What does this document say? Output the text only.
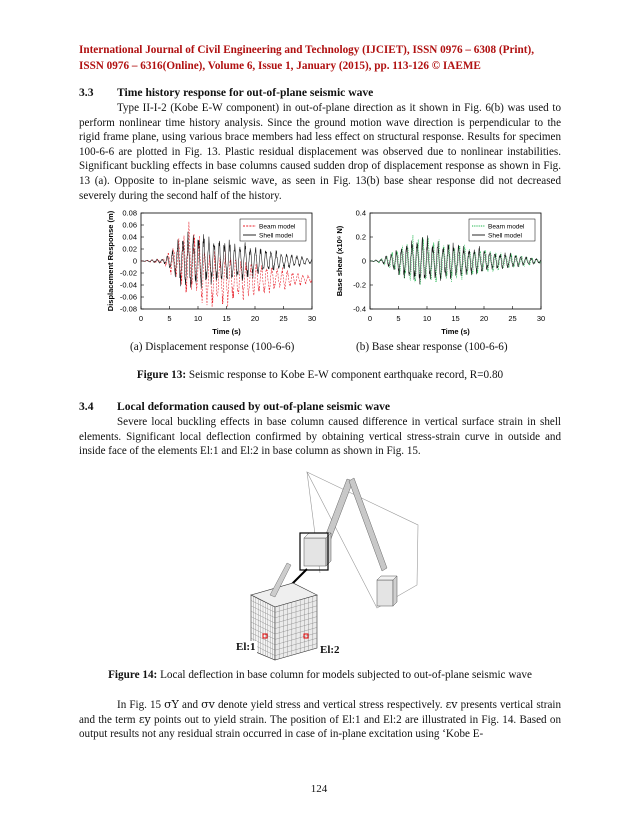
International Journal of Civil Engineering and Technology (IJCIET), ISSN 0976 – 6308 (Print),
ISSN 0976 – 6316(Online), Volume 6, Issue 1, January (2015), pp. 113-126 © IAEME
3.3 Time history response for out-of-plane seismic wave

Type II-I-2 (Kobe E-W component) in out-of-plane direction as it shown in Fig. 6(b) was used to perform nonlinear time history analysis. Since the ground motion wave direction is perpendicular to the rigid frame plane, using various brace members had less effect on structural response. Results for specimen 100-6-6 are plotted in Fig. 13. Plastic residual displacement was observed due to nonlinear instabilities. Significant buckling effects in base columns caused sudden drop of displacement response as shown in Fig. 13 (a). Opposite to in-plane seismic wave, as seen in Fig. 13(b) base shear response did not decreased severely during the second half of the history.

0	5	10	15	20	25	30
0.08
0.06
0.04
0.02
0
-0.02
-0.04
-0.06
-0.08
Time (s)
Displacement Response (m)	Beam model
Shell model
0	5	10	15	20	25	30
0.4
0.2
0
-0.2
-0.4
Time (s)
Base shear (x10⁶ N)	Beam model
Shell model
(a) Displacement response (100-6-6)	(b) Base shear response (100-6-6)
Figure 13: Seismic response to Kobe E-W component earthquake record, R=0.80
3.4 Local deformation caused by out-of-plane seismic wave

Severe local buckling effects in base column caused difference in vertical surface strain in shell elements. Significant local deflection confirmed by obtaining vertical stress-strain curve in outside and inside face of the elements El:1 and El:2 in base column as shown in Fig. 15.

El:1	El:2
Figure 14: Local deflection in base column for models subjected to out-of-plane seismic wave

In Fig. 15 σY and σv denote yield stress and vertical stress respectively. εv presents vertical strain and the term εy points out to yield strain. The position of El:1 and El:2 are illustrated in Fig. 14. Based on output results not any residual strain occurred in case of in-plane excitation using ‘Kobe E-

124
